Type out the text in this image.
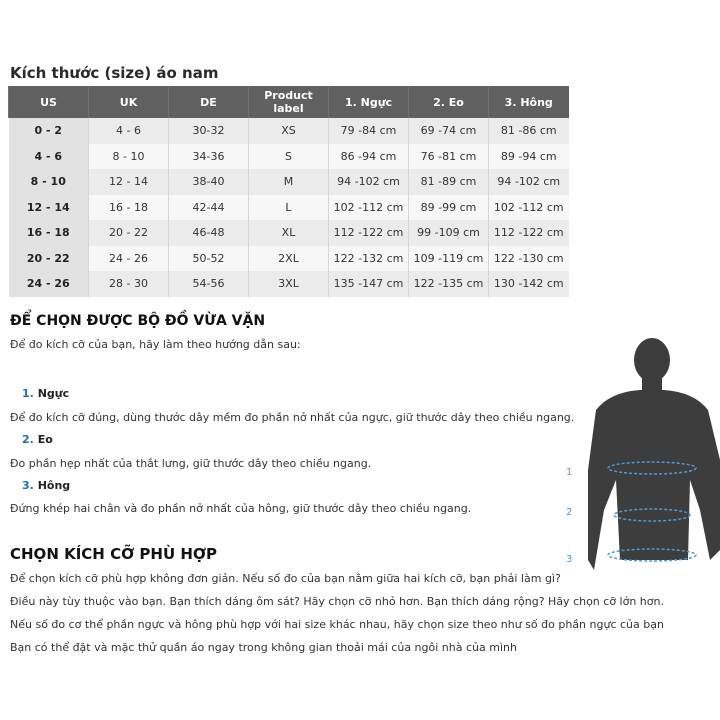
Kích thước (size) áo nam
US	UK	DE	Product label	1. Ngực	2. Eo	3. Hông
0 - 2	4 - 6	30-32	XS	79 -84 cm	69 -74 cm	81 -86 cm
4 - 6	8 - 10	34-36	S	86 -94 cm	76 -81 cm	89 -94 cm
8 - 10	12 - 14	38-40	M	94 -102 cm	81 -89 cm	94 -102 cm
12 - 14	16 - 18	42-44	L	102 -112 cm	89 -99 cm	102 -112 cm
16 - 18	20 - 22	46-48	XL	112 -122 cm	99 -109 cm	112 -122 cm
20 - 22	24 - 26	50-52	2XL	122 -132 cm	109 -119 cm	122 -130 cm
24 - 26	28 - 30	54-56	3XL	135 -147 cm	122 -135 cm	130 -142 cm
ĐỂ CHỌN ĐƯỢC BỘ ĐỒ VỪA VẶN
Để đo kích cỡ của bạn, hãy làm theo hướng dẫn sau:
1. Ngực
Để đo kích cỡ đúng, dùng thước dây mềm đo phần nở nhất của ngực, giữ thước dây theo chiều ngang.
2. Eo
Đo phần hẹp nhất của thắt lưng, giữ thước dây theo chiều ngang.
3. Hông
Đứng khép hai chân và đo phần nở nhất của hông, giữ thước dây theo chiều ngang.
CHỌN KÍCH CỠ PHÙ HỢP
Để chọn kích cỡ phù hợp không đơn giản. Nếu số đo của bạn nằm giữa hai kích cỡ, bạn phải làm gì?
Điều này tùy thuộc vào bạn. Bạn thích dáng ôm sát? Hãy chọn cỡ nhỏ hơn. Bạn thích dáng rộng? Hãy chọn cỡ lớn hơn.
Nếu số đo cơ thể phần ngực và hông phù hợp với hai size khác nhau, hãy chọn size theo như số đo phần ngực của bạn
Bạn có thể đặt và mặc thử quần áo ngay trong không gian thoải mái của ngôi nhà của mình
1
2
3
